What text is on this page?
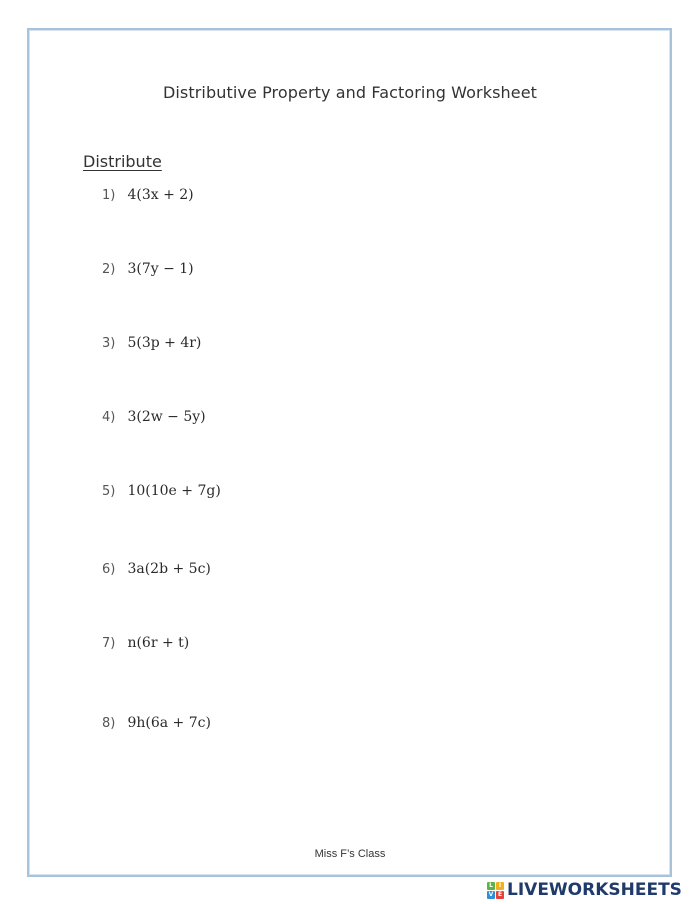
Distributive Property and Factoring Worksheet
Distribute
1) 4(3x + 2)
2) 3(7y − 1)
3) 5(3p + 4r)
4) 3(2w − 5y)
5) 10(10e + 7g)
6) 3a(2b + 5c)
7) n(6r + t)
8) 9h(6a + 7c)
Miss F’s Class
L I
V E LIVEWORKSHEETS
